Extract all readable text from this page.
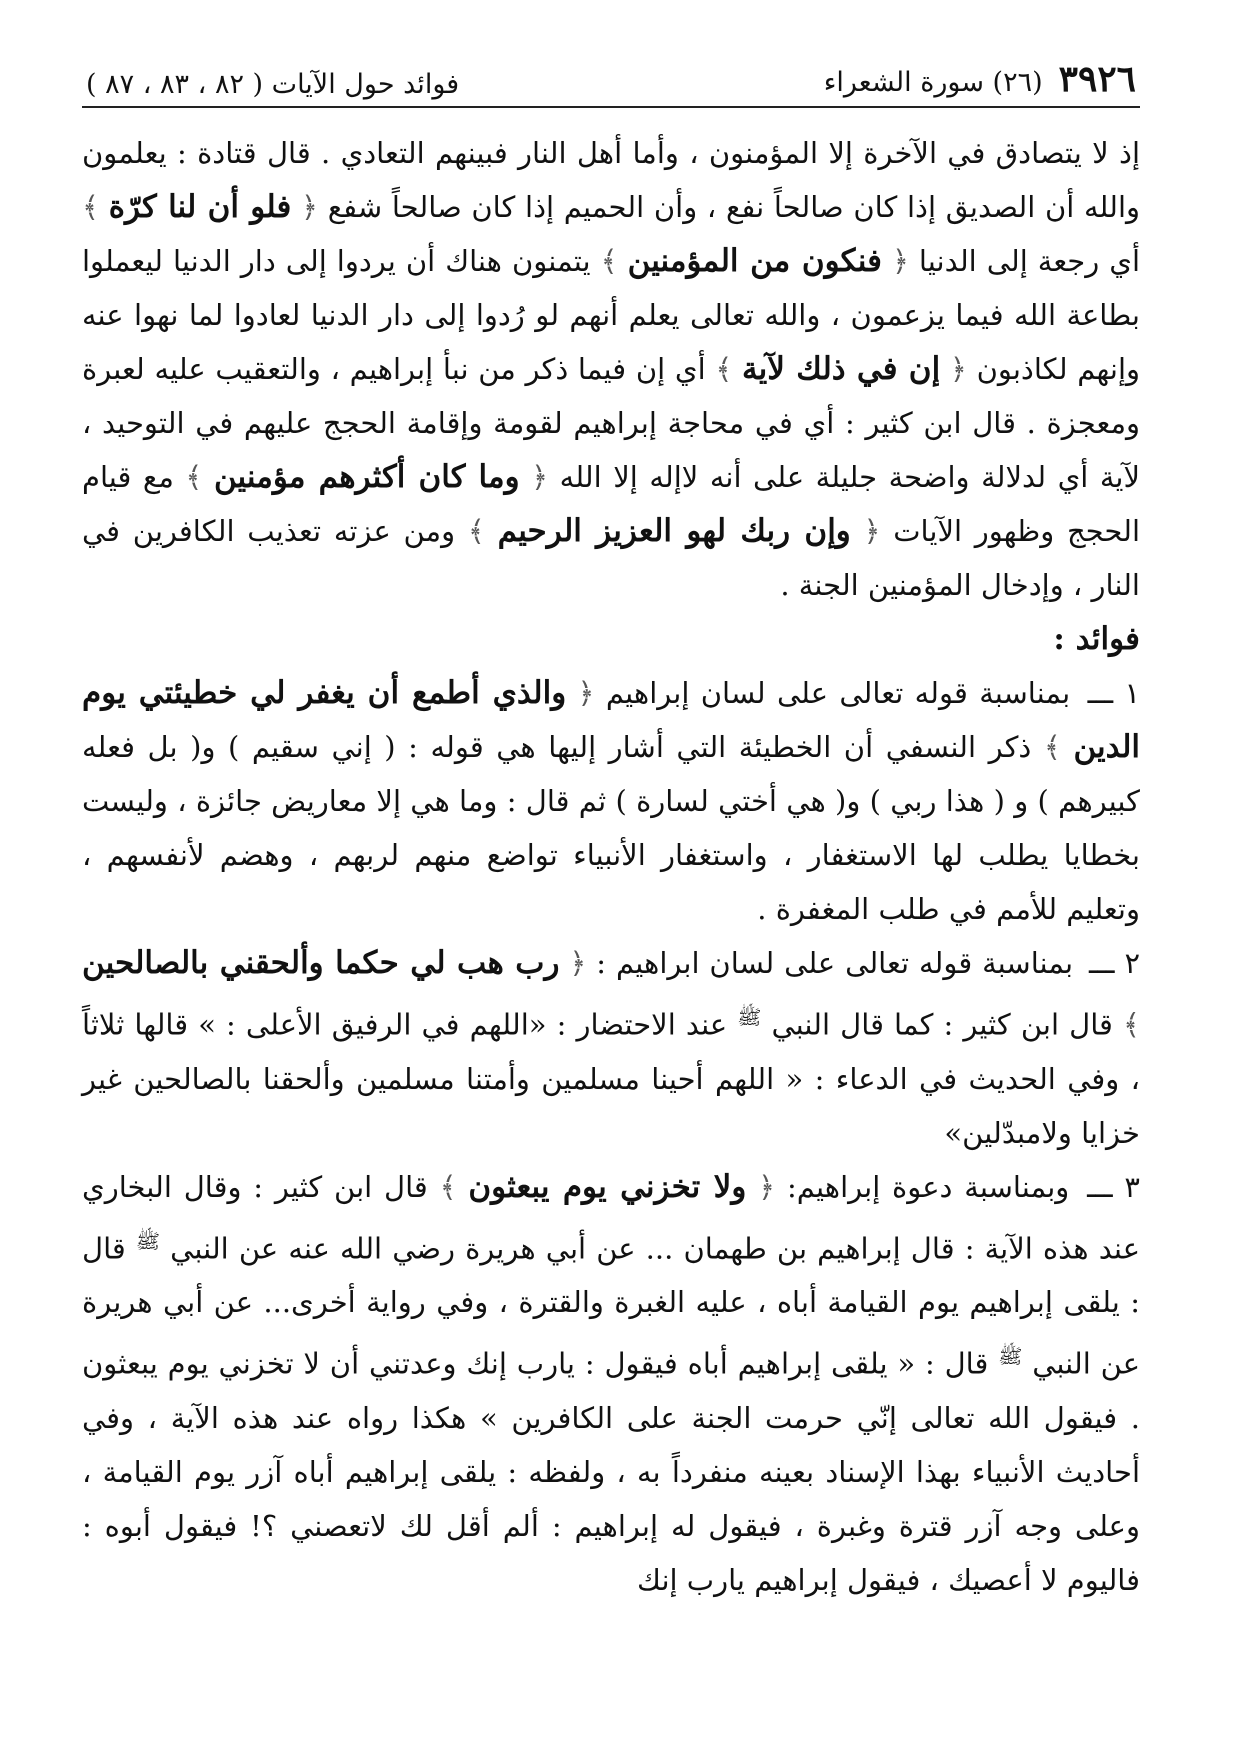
٣٩٢٦
(٢٦) سورة الشعراء
فوائد حول الآيات ( ٨٢ ، ٨٣ ، ٨٧ )

إذ لا يتصادق في الآخرة إلا المؤمنون ، وأما أهل النار فبينهم التعادي . قال قتادة : يعلمون والله أن الصديق إذا كان صالحاً نفع ، وأن الحميم إذا كان صالحاً شفع ﴿ فلو أن لنا كرّة ﴾ أي رجعة إلى الدنيا ﴿ فنكون من المؤمنين ﴾ يتمنون هناك أن يردوا إلى دار الدنيا ليعملوا بطاعة الله فيما يزعمون ، والله تعالى يعلم أنهم لو رُدوا إلى دار الدنيا لعادوا لما نهوا عنه وإنهم لكاذبون ﴿ إن في ذلك لآية ﴾ أي إن فيما ذكر من نبأ إبراهيم ، والتعقيب عليه لعبرة ومعجزة . قال ابن كثير : أي في محاجة إبراهيم لقومة وإقامة الحجج عليهم في التوحيد ، لآية أي لدلالة واضحة جليلة على أنه لاإله إلا الله ﴿ وما كان أكثرهم مؤمنين ﴾ مع قيام الحجج وظهور الآيات ﴿ وإن ربك لهو العزيز الرحيم ﴾ ومن عزته تعذيب الكافرين في النار ، وإدخال المؤمنين الجنة .

فوائد :

١ ـــ بمناسبة قوله تعالى على لسان إبراهيم ﴿ والذي أطمع أن يغفر لي خطيئتي يوم الدين ﴾ ذكر النسفي أن الخطيئة التي أشار إليها هي قوله : ( إني سقيم ) و( بل فعله كبيرهم ) و ( هذا ربي ) و( هي أختي لسارة ) ثم قال : وما هي إلا معاريض جائزة ، وليست بخطايا يطلب لها الاستغفار ، واستغفار الأنبياء تواضع منهم لربهم ، وهضم لأنفسهم ، وتعليم للأمم في طلب المغفرة .

٢ ـــ بمناسبة قوله تعالى على لسان ابراهيم : ﴿ رب هب لي حكما وألحقني بالصالحين ﴾ قال ابن كثير : كما قال النبي $^ﷺ$ عند الاحتضار : «اللهم في الرفيق الأعلى : » قالها ثلاثاً ، وفي الحديث في الدعاء : « اللهم أحينا مسلمين وأمتنا مسلمين وألحقنا بالصالحين غير خزايا ولامبدّلين»

٣ ـــ وبمناسبة دعوة إبراهيم: ﴿ ولا تخزني يوم يبعثون ﴾ قال ابن كثير : وقال البخاري عند هذه الآية : قال إبراهيم بن طهمان ... عن أبي هريرة رضي الله عنه عن النبي $^ﷺ$ قال : يلقى إبراهيم يوم القيامة أباه ، عليه الغبرة والقترة ، وفي رواية أخرى... عن أبي هريرة عن النبي $^ﷺ$ قال : « يلقى إبراهيم أباه فيقول : يارب إنك وعدتني أن لا تخزني يوم يبعثون . فيقول الله تعالى إنّي حرمت الجنة على الكافرين » هكذا رواه عند هذه الآية ، وفي أحاديث الأنبياء بهذا الإسناد بعينه منفرداً به ، ولفظه : يلقى إبراهيم أباه آزر يوم القيامة ، وعلى وجه آزر قترة وغبرة ، فيقول له إبراهيم : ألم أقل لك لاتعصني ؟! فيقول أبوه : فاليوم لا أعصيك ، فيقول إبراهيم يارب إنك
